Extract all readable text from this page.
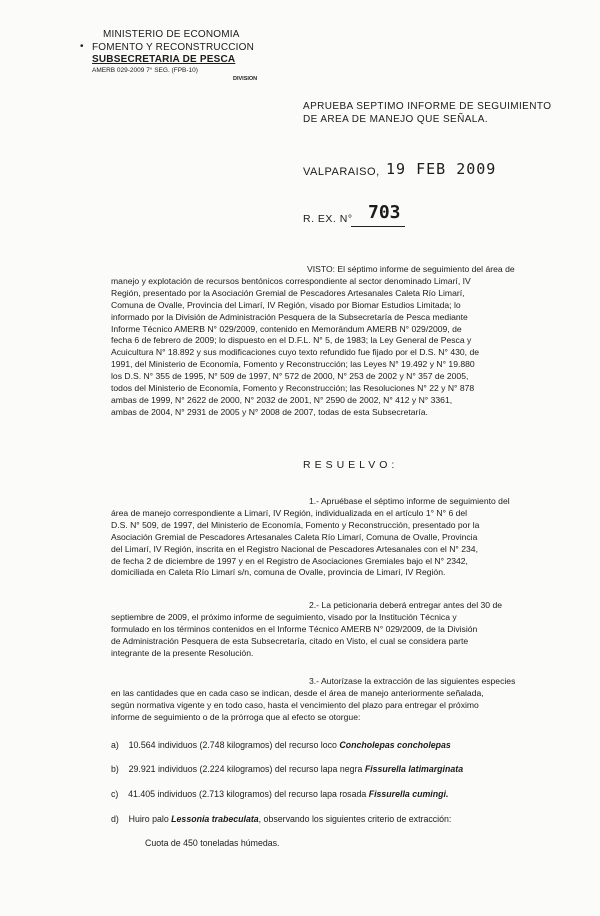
MINISTERIO DE ECONOMIA
• FOMENTO Y RECONSTRUCCION
SUBSECRETARIA DE PESCA
AMERB 029-2009 7° SEG. (FPB-10)
DIVISION
APRUEBA SEPTIMO INFORME DE SEGUIMIENTO
DE AREA DE MANEJO QUE SEÑALA.
VALPARAISO, 19 FEB 2009
R. EX. N° 703
VISTO: El séptimo informe de seguimiento del área de
manejo y explotación de recursos bentónicos correspondiente al sector denominado Limarí, IV
Región, presentado por la Asociación Gremial de Pescadores Artesanales Caleta Río Limarí,
Comuna de Ovalle, Provincia del Limarí, IV Región, visado por Biomar Estudios Limitada; lo
informado por la División de Administración Pesquera de la Subsecretaría de Pesca mediante
Informe Técnico AMERB N° 029/2009, contenido en Memorándum AMERB N° 029/2009, de
fecha 6 de febrero de 2009; lo dispuesto en el D.F.L. N° 5, de 1983; la Ley General de Pesca y
Acuicultura N° 18.892 y sus modificaciones cuyo texto refundido fue fijado por el D.S. N° 430, de
1991, del Ministerio de Economía, Fomento y Reconstrucción; las Leyes N° 19.492 y N° 19.880
los D.S. N° 355 de 1995, N° 509 de 1997, N° 572 de 2000, N° 253 de 2002 y N° 357 de 2005,
todos del Ministerio de Economía, Fomento y Reconstrucción; las Resoluciones N° 22 y N° 878
ambas de 1999, N° 2622 de 2000, N° 2032 de 2001, N° 2590 de 2002, N° 412 y N° 3361,
ambas de 2004, N° 2931 de 2005 y N° 2008 de 2007, todas de esta Subsecretaría.
RESUELVO:
1.- Apruébase el séptimo informe de seguimiento del
área de manejo correspondiente a Limarí, IV Región, individualizada en el artículo 1° N° 6 del
D.S. N° 509, de 1997, del Ministerio de Economía, Fomento y Reconstrucción, presentado por la
Asociación Gremial de Pescadores Artesanales Caleta Río Limarí, Comuna de Ovalle, Provincia
del Limarí, IV Región, inscrita en el Registro Nacional de Pescadores Artesanales con el N° 234,
de fecha 2 de diciembre de 1997 y en el Registro de Asociaciones Gremiales bajo el N° 2342,
domiciliada en Caleta Río Limarí s/n, comuna de Ovalle, provincia de Limarí, IV Región.
2.- La peticionaria deberá entregar antes del 30 de
septiembre de 2009, el próximo informe de seguimiento, visado por la Institución Técnica y
formulado en los términos contenidos en el Informe Técnico AMERB N° 029/2009, de la División
de Administración Pesquera de esta Subsecretaría, citado en Visto, el cual se considera parte
integrante de la presente Resolución.
3.- Autorízase la extracción de las siguientes especies
en las cantidades que en cada caso se indican, desde el área de manejo anteriormente señalada,
según normativa vigente y en todo caso, hasta el vencimiento del plazo para entregar el próximo
informe de seguimiento o de la prórroga que al efecto se otorgue:
a) 10.564 individuos (2.748 kilogramos) del recurso loco Concholepas concholepas
b) 29.921 individuos (2.224 kilogramos) del recurso lapa negra Fissurella latimarginata
c) 41.405 individuos (2.713 kilogramos) del recurso lapa rosada Fissurella cumingi.
d) Huiro palo Lessonia trabeculata, observando los siguientes criterio de extracción:
Cuota de 450 toneladas húmedas.
